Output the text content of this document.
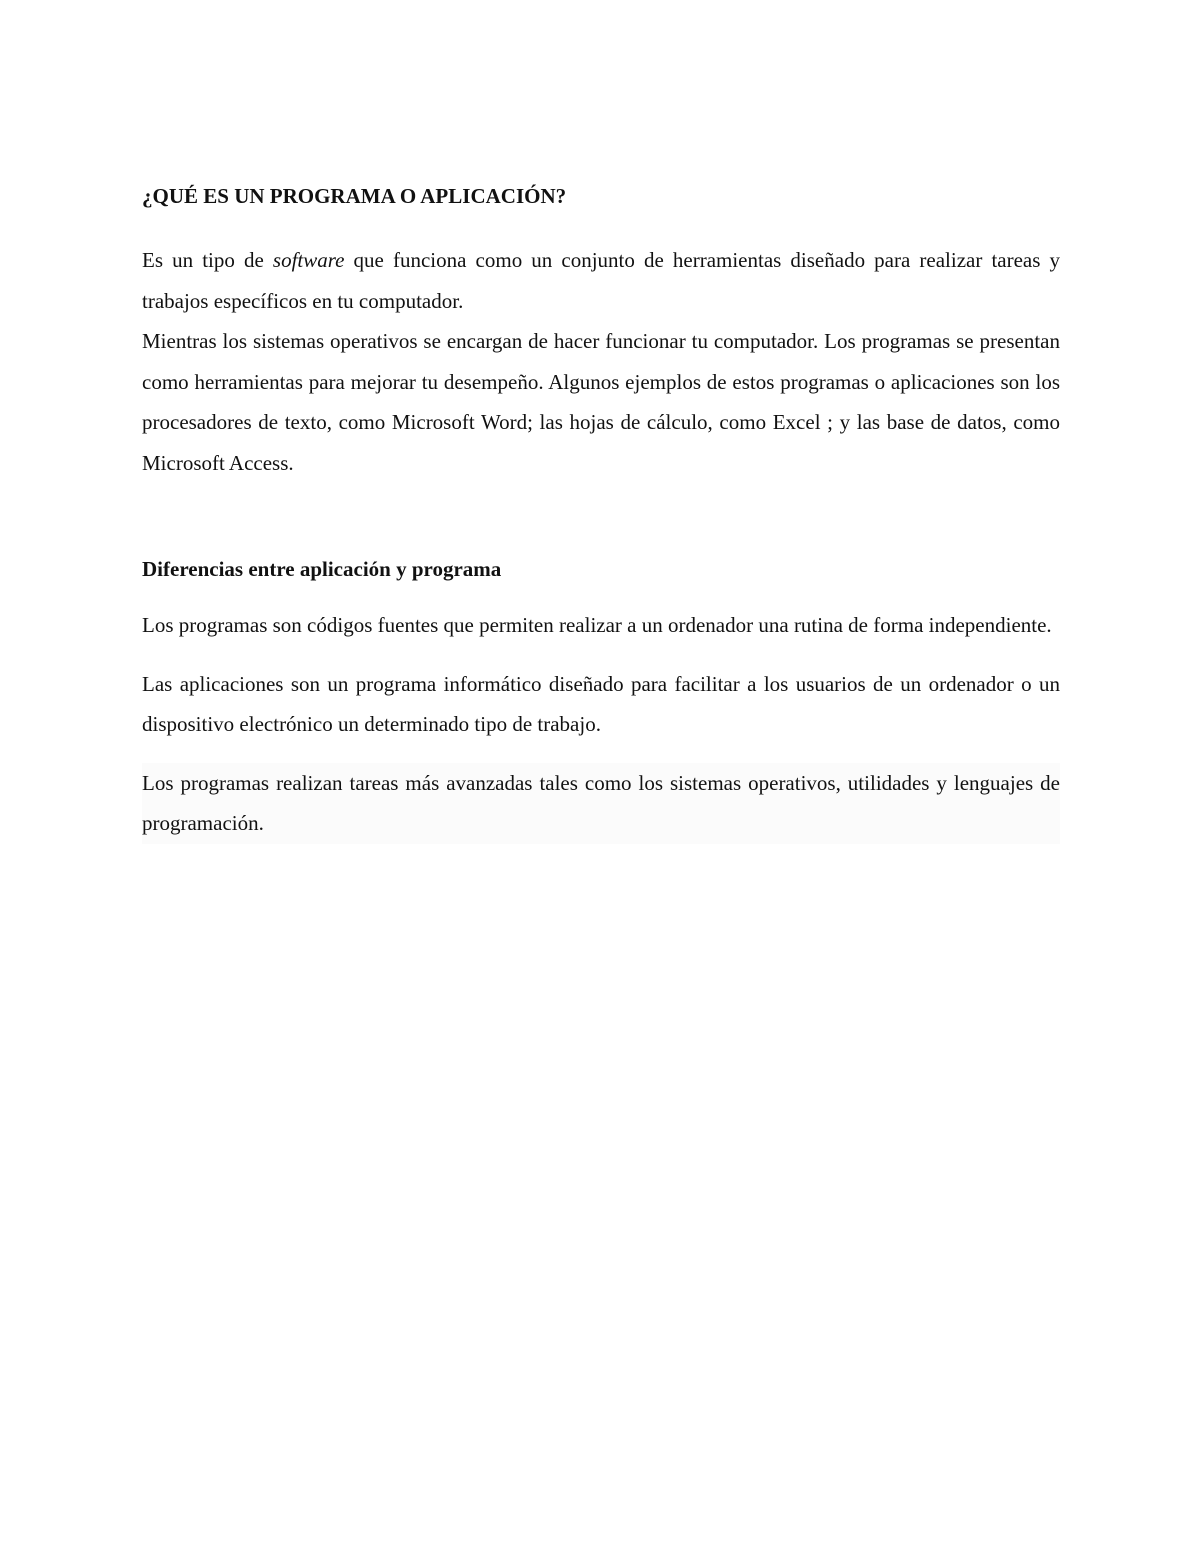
¿QUÉ ES UN PROGRAMA O APLICACIÓN?

Es un tipo de software que funciona como un conjunto de herramientas diseñado para realizar tareas y trabajos específicos en tu computador.

Mientras los sistemas operativos se encargan de hacer funcionar tu computador. Los programas se presentan como herramientas para mejorar tu desempeño. Algunos ejemplos de estos programas o aplicaciones son los procesadores de texto, como Microsoft Word; las hojas de cálculo, como Excel ; y las base de datos, como Microsoft Access.

Diferencias entre aplicación y programa

Los programas son códigos fuentes que permiten realizar a un ordenador una rutina de forma independiente.

Las aplicaciones son un programa informático diseñado para facilitar a los usuarios de un ordenador o un dispositivo electrónico un determinado tipo de trabajo.

Los programas realizan tareas más avanzadas tales como los sistemas operativos, utilidades y lenguajes de programación.
